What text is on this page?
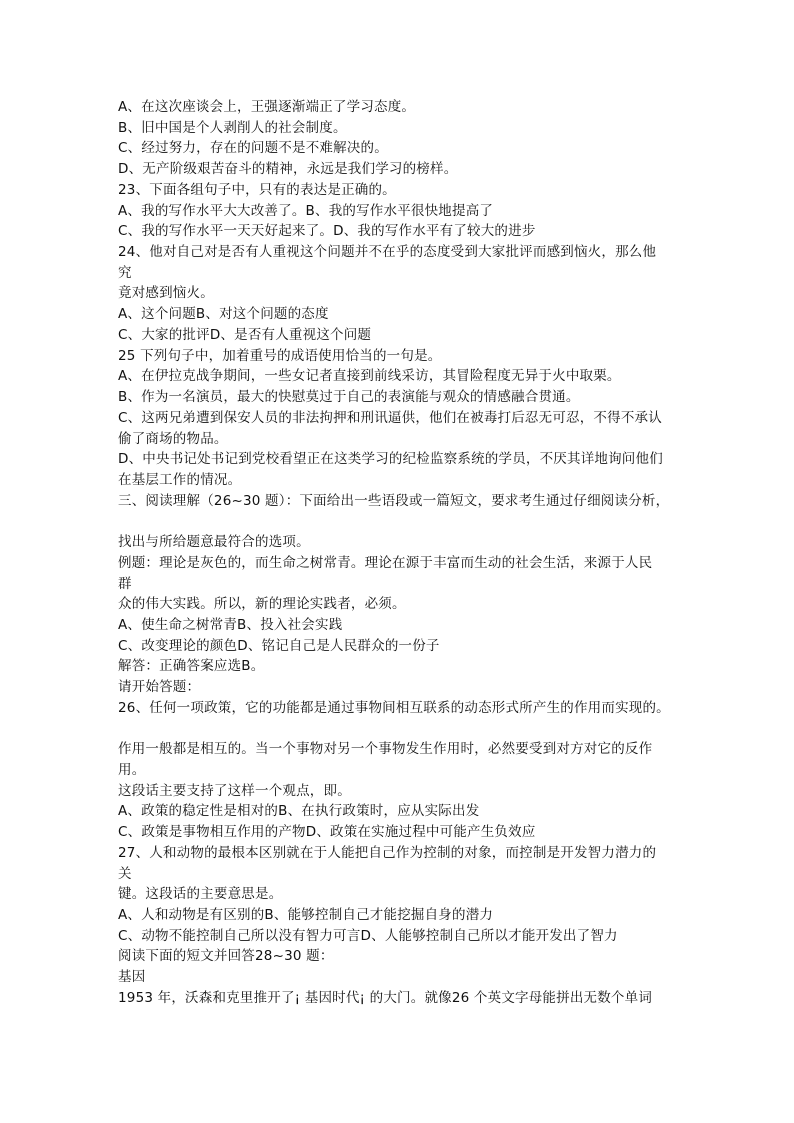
A、在这次座谈会上，王强逐渐端正了学习态度。
B、旧中国是个人剥削人的社会制度。
C、经过努力，存在的问题不是不难解决的。
D、无产阶级艰苦奋斗的精神，永远是我们学习的榜样。
23、下面各组句子中，只有的表达是正确的。
A、我的写作水平大大改善了。B、我的写作水平很快地提高了
C、我的写作水平一天天好起来了。D、我的写作水平有了较大的进步
24、他对自己对是否有人重视这个问题并不在乎的态度受到大家批评而感到恼火，那么他
究
竟对感到恼火。
A、这个问题B、对这个问题的态度
C、大家的批评D、是否有人重视这个问题
25 下列句子中，加着重号的成语使用恰当的一句是。
A、在伊拉克战争期间，一些女记者直接到前线采访，其冒险程度无异于火中取栗。
B、作为一名演员，最大的快慰莫过于自己的表演能与观众的情感融合贯通。
C、这两兄弟遭到保安人员的非法拘押和刑讯逼供，他们在被毒打后忍无可忍，不得不承认
偷了商场的物品。
D、中央书记处书记到党校看望正在这类学习的纪检监察系统的学员，不厌其详地询问他们
在基层工作的情况。
三、阅读理解（26~30 题）：下面给出一些语段或一篇短文，要求考生通过仔细阅读分析，
找出与所给题意最符合的选项。
例题：理论是灰色的，而生命之树常青。理论在源于丰富而生动的社会生活，来源于人民
群
众的伟大实践。所以，新的理论实践者，必须。
A、使生命之树常青B、投入社会实践
C、改变理论的颜色D、铭记自己是人民群众的一份子
解答：正确答案应选B。
请开始答题：
26、任何一项政策，它的功能都是通过事物间相互联系的动态形式所产生的作用而实现的。
作用一般都是相互的。当一个事物对另一个事物发生作用时，必然要受到对方对它的反作
用。
这段话主要支持了这样一个观点，即。
A、政策的稳定性是相对的B、在执行政策时，应从实际出发
C、政策是事物相互作用的产物D、政策在实施过程中可能产生负效应
27、人和动物的最根本区别就在于人能把自己作为控制的对象，而控制是开发智力潜力的
关
键。这段话的主要意思是。
A、人和动物是有区别的B、能够控制自己才能挖掘自身的潜力
C、动物不能控制自己所以没有智力可言D、人能够控制自己所以才能开发出了智力
阅读下面的短文并回答28~30 题：
基因
1953 年，沃森和克里推开了¡ 基因时代¡ 的大门。就像26 个英文字母能拼出无数个单词
